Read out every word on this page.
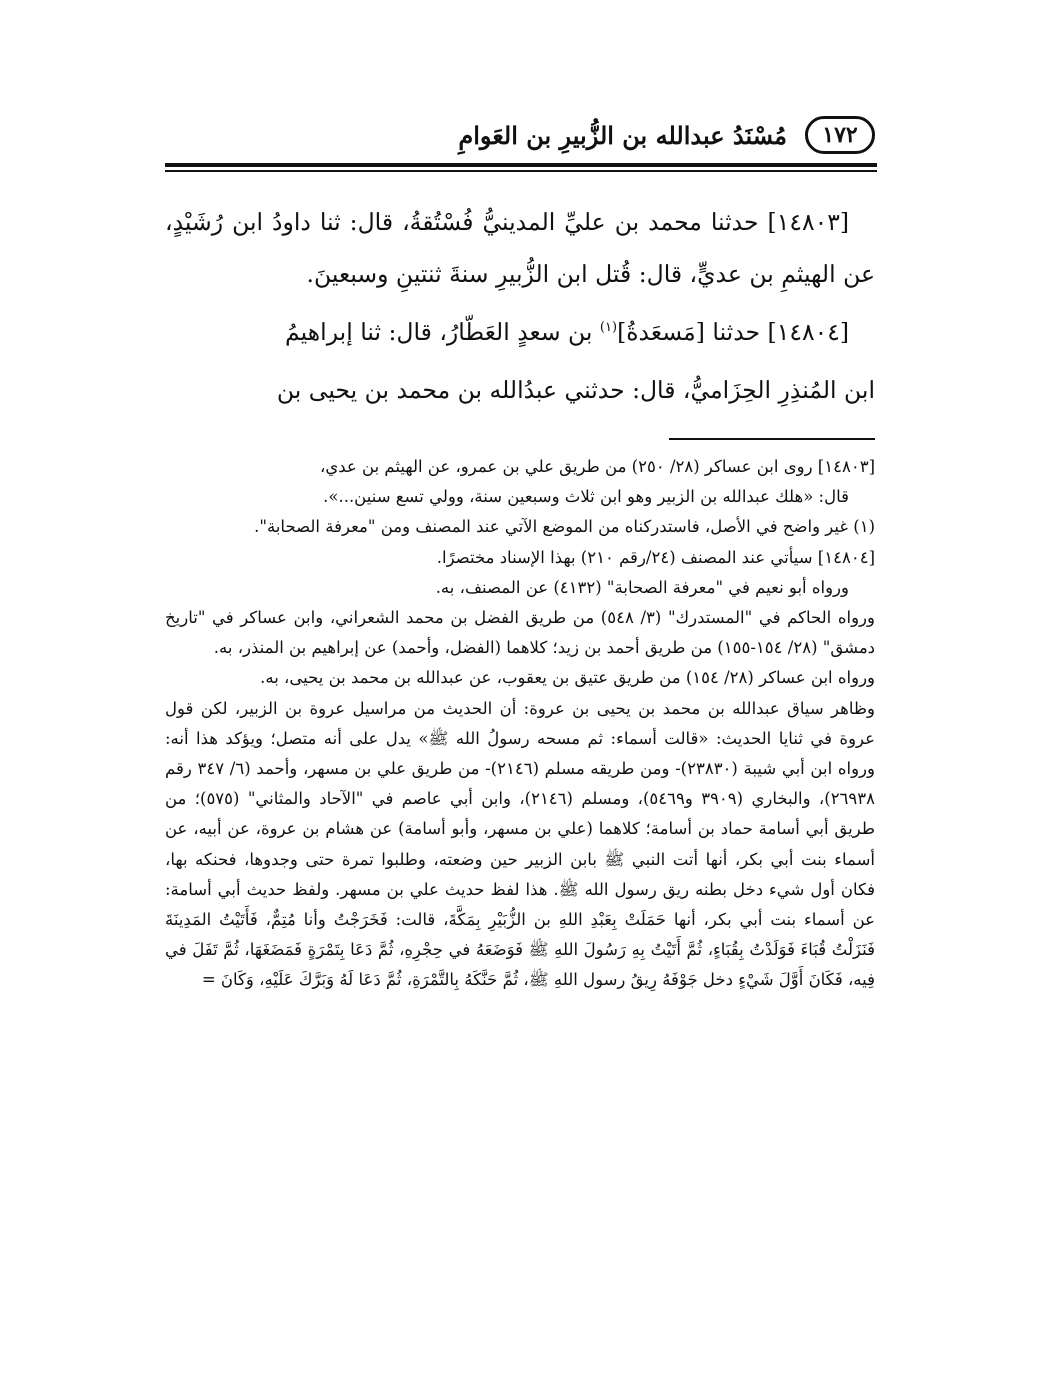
١٧٢
مُسْنَدُ عبدالله بن الزُّبيرِ بن العَوامِ

[١٤٨٠٣] حدثنا محمد بن عليِّ المدينيُّ فُسْتُقةُ، قال: ثنا داودُ ابن رُشَيْدٍ، عن الهيثمِ بن عديٍّ، قال: قُتل ابن الزُّبيرِ سنةَ ثنتينِ وسبعينَ.

[١٤٨٠٤] حدثنا [مَسعَدةُ]$^{(١)}$ بن سعدٍ العَطّارُ، قال: ثنا إبراهيمُ

ابن المُنذِرِ الحِزَاميُّ، قال: حدثني عبدُالله بن محمد بن يحيى بن

[١٤٨٠٣] روى ابن عساكر (٢٨/ ٢٥٠) من طريق علي بن عمرو، عن الهيثم بن عدي،

قال: «هلك عبدالله بن الزبير وهو ابن ثلاث وسبعين سنة، وولي تسع سنين...».

(١) غير واضح في الأصل، فاستدركناه من الموضع الآتي عند المصنف ومن "معرفة الصحابة".

[١٤٨٠٤] سيأتي عند المصنف (٢٤/رقم ٢١٠) بهذا الإسناد مختصرًا.

ورواه أبو نعيم في "معرفة الصحابة" (٤١٣٢) عن المصنف، به.

ورواه الحاكم في "المستدرك" (٣/ ٥٤٨) من طريق الفضل بن محمد الشعراني، وابن عساكر في "تاريخ دمشق" (٢٨/ ١٥٤-١٥٥) من طريق أحمد بن زيد؛ كلاهما (الفضل، وأحمد) عن إبراهيم بن المنذر، به.

ورواه ابن عساكر (٢٨/ ١٥٤) من طريق عتيق بن يعقوب، عن عبدالله بن محمد بن يحيى، به.

وظاهر سياق عبدالله بن محمد بن يحيى بن عروة: أن الحديث من مراسيل عروة بن الزبير، لكن قول عروة في ثنايا الحديث: «قالت أسماء: ثم مسحه رسولُ الله ﷺ» يدل على أنه متصل؛ ويؤكد هذا أنه: ورواه ابن أبي شيبة (٢٣٨٣٠)- ومن طريقه مسلم (٢١٤٦)- من طريق علي بن مسهر، وأحمد (٦/ ٣٤٧ رقم ٢٦٩٣٨)، والبخاري (٣٩٠٩ و٥٤٦٩)، ومسلم (٢١٤٦)، وابن أبي عاصم في "الآحاد والمثاني" (٥٧٥)؛ من طريق أبي أسامة حماد بن أسامة؛ كلاهما (علي بن مسهر، وأبو أسامة) عن هشام بن عروة، عن أبيه، عن أسماء بنت أبي بكر، أنها أتت النبي ﷺ بابن الزبير حين وضعته، وطلبوا تمرة حتى وجدوها، فحنكه بها، فكان أول شيء دخل بطنه ريق رسول الله ﷺ. هذا لفظ حديث علي بن مسهر. ولفظ حديث أبي أسامة: عن أسماء بنت أبي بكر، أنها حَمَلَتْ بِعَبْدِ اللهِ بن الزُّبَيْرِ بِمَكَّةَ، قالت: فَخَرَجْتُ وأنا مُتِمٌّ، فَأَتَيْتُ المَدِينَةَ فَنَزَلْتُ قُبَاءَ فَوَلَدْتُ بِقُبَاءٍ، ثُمَّ أَتَيْتُ بِهِ رَسُولَ اللهِ ﷺ فَوَضَعَهُ في حِجْرِهِ، ثُمَّ دَعَا بِتَمْرَةٍ فَمَضَغَهَا، ثُمَّ تَفَلَ في فِيه، فَكَانَ أَوَّلَ شَيْءٍ دخل جَوْفَهُ رِيقُ رسول اللهِ ﷺ، ثُمَّ حَنَّكَهُ بِالتَّمْرَةِ، ثُمَّ دَعَا لَهُ وَبَرَّكَ عَلَيْهِ، وَكَانَ =
